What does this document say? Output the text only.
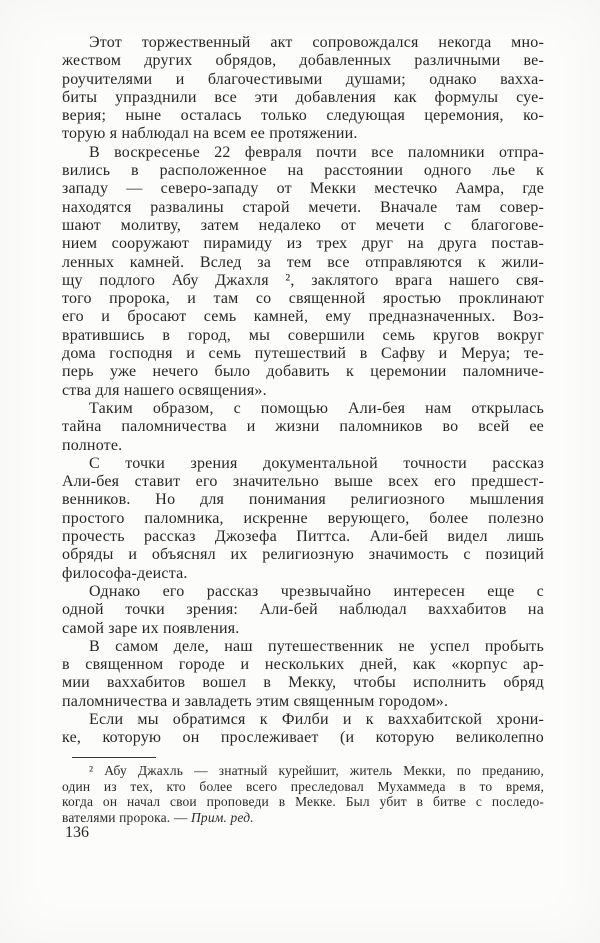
Этот торжественный акт сопровождался некогда мно-
жеством других обрядов, добавленных различными ве-
роучителями и благочестивыми душами; однако вахха-
биты упразднили все эти добавления как формулы суе-
верия; ныне осталась только следующая церемония, ко-
торую я наблюдал на всем ее протяжении.
В воскресенье 22 февраля почти все паломники отпра-
вились в расположенное на расстоянии одного лье к
западу — северо-западу от Мекки местечко Аамра, где
находятся развалины старой мечети. Вначале там совер-
шают молитву, затем недалеко от мечети с благогове-
нием сооружают пирамиду из трех друг на друга постав-
ленных камней. Вслед за тем все отправляются к жили-
щу подлого Абу Джахля ², заклятого врага нашего свя-
того пророка, и там со священной яростью проклинают
его и бросают семь камней, ему предназначенных. Воз-
вратившись в город, мы совершили семь кругов вокруг
дома господня и семь путешествий в Сафву и Меруа; те-
перь уже нечего было добавить к церемонии паломниче-
ства для нашего освящения».
Таким образом, с помощью Али-бея нам открылась
тайна паломничества и жизни паломников во всей ее
полноте.
С точки зрения документальной точности рассказ
Али-бея ставит его значительно выше всех его предшест-
венников. Но для понимания религиозного мышления
простого паломника, искренне верующего, более полезно
прочесть рассказ Джозефа Питтса. Али-бей видел лишь
обряды и объяснял их религиозную значимость с позиций
философа-деиста.
Однако его рассказ чрезвычайно интересен еще с
одной точки зрения: Али-бей наблюдал ваххабитов на
самой заре их появления.
В самом деле, наш путешественник не успел пробыть
в священном городе и нескольких дней, как «корпус ар-
мии ваххабитов вошел в Мекку, чтобы исполнить обряд
паломничества и завладеть этим священным городом».
Если мы обратимся к Филби и к ваххабитской хрони-
ке, которую он прослеживает (и которую великолепно
² Абу Джахль — знатный курейшит, житель Мекки, по преданию,
один из тех, кто более всего преследовал Мухаммеда в то время,
когда он начал свои проповеди в Мекке. Был убит в битве с последо-
вателями пророка. — Прим. ред.
136
